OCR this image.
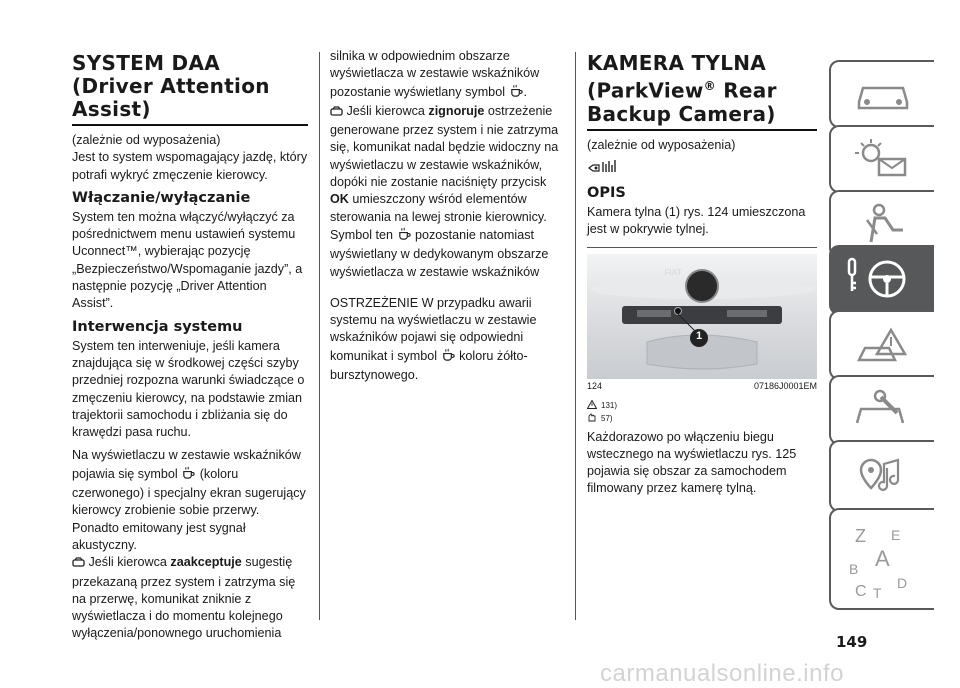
SYSTEM DAA (Driver Attention Assist)

(zależnie od wyposażenia)

Jest to system wspomagający jazdę, który potrafi wykryć zmęczenie kierowcy.

Włączanie/wyłączanie

System ten można włączyć/wyłączyć za pośrednictwem menu ustawień systemu Uconnect™, wybierając pozycję „Bezpieczeństwo/Wspomaganie jazdy”, a następnie pozycję „Driver Attention Assist”.

Interwencja systemu

System ten interweniuje, jeśli kamera znajdująca się w środkowej części szyby przedniej rozpozna warunki świadczące o zmęczeniu kierowcy, na podstawie zmian trajektorii samochodu i zbliżania się do krawędzi pasa ruchu.

Na wyświetlaczu w zestawie wskaźników pojawia się symbol (koloru czerwonego) i specjalny ekran sugerujący kierowcy zrobienie sobie przerwy. Ponadto emitowany jest sygnał akustyczny.

Jeśli kierowca zaakceptuje sugestię przekazaną przez system i zatrzyma się na przerwę, komunikat zniknie z wyświetlacza i do momentu kolejnego wyłączenia/ponownego uruchomienia

silnika w odpowiednim obszarze wyświetlacza w zestawie wskaźników pozostanie wyświetlany symbol .

Jeśli kierowca zignoruje ostrzeżenie generowane przez system i nie zatrzyma się, komunikat nadal będzie widoczny na wyświetlaczu w zestawie wskaźników, dopóki nie zostanie naciśnięty przycisk OK umieszczony wśród elementów sterowania na lewej stronie kierownicy. Symbol ten pozostanie natomiast wyświetlany w dedykowanym obszarze wyświetlacza w zestawie wskaźników

OSTRZEŻENIE W przypadku awarii systemu na wyświetlaczu w zestawie wskaźników pojawi się odpowiedni komunikat i symbol koloru żółto-bursztynowego.

KAMERA TYLNA
(ParkView® Rear
Backup Camera)

(zależnie od wyposażenia)

OPIS

Kamera tylna (1) rys. 124 umieszczona jest w pokrywie tylnej.

FIAT
1
124	07186J0001EM
131)
57)

Każdorazowo po włączeniu biegu wstecznego na wyświetlaczu rys. 125 pojawia się obszar za samochodem filmowany przez kamerę tylną.

Z E
B A
C T
D
149
carmanualsonline.info
